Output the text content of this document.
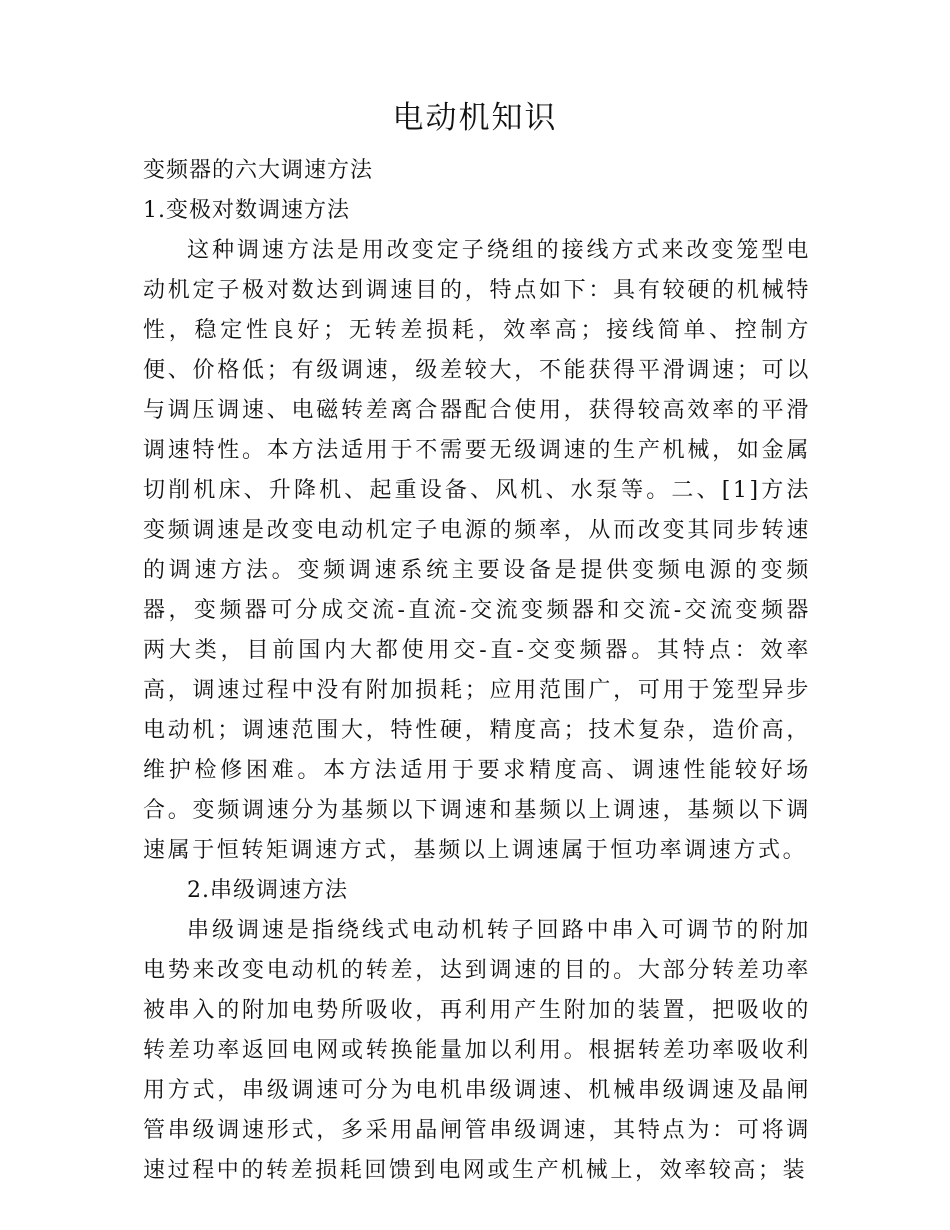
电动机知识

变频器的六大调速方法

1.变极对数调速方法

这种调速方法是用改变定子绕组的接线方式来改变笼型电动机定子极对数达到调速目的，特点如下：具有较硬的机械特性，稳定性良好；无转差损耗，效率高；接线简单、控制方便、价格低；有级调速，级差较大，不能获得平滑调速；可以与调压调速、电磁转差离合器配合使用，获得较高效率的平滑调速特性。本方法适用于不需要无级调速的生产机械，如金属切削机床、升降机、起重设备、风机、水泵等。二、[1]方法变频调速是改变电动机定子电源的频率，从而改变其同步转速的调速方法。变频调速系统主要设备是提供变频电源的变频器，变频器可分成交流-直流-交流变频器和交流-交流变频器两大类，目前国内大都使用交-直-交变频器。其特点：效率高，调速过程中没有附加损耗；应用范围广，可用于笼型异步电动机；调速范围大，特性硬，精度高；技术复杂，造价高，维护检修困难。本方法适用于要求精度高、调速性能较好场合。变频调速分为基频以下调速和基频以上调速，基频以下调速属于恒转矩调速方式，基频以上调速属于恒功率调速方式。

2.串级调速方法

串级调速是指绕线式电动机转子回路中串入可调节的附加电势来改变电动机的转差，达到调速的目的。大部分转差功率被串入的附加电势所吸收，再利用产生附加的装置，把吸收的转差功率返回电网或转换能量加以利用。根据转差功率吸收利用方式，串级调速可分为电机串级调速、机械串级调速及晶闸管串级调速形式，多采用晶闸管串级调速，其特点为：可将调速过程中的转差损耗回馈到电网或生产机械上，效率较高；装
